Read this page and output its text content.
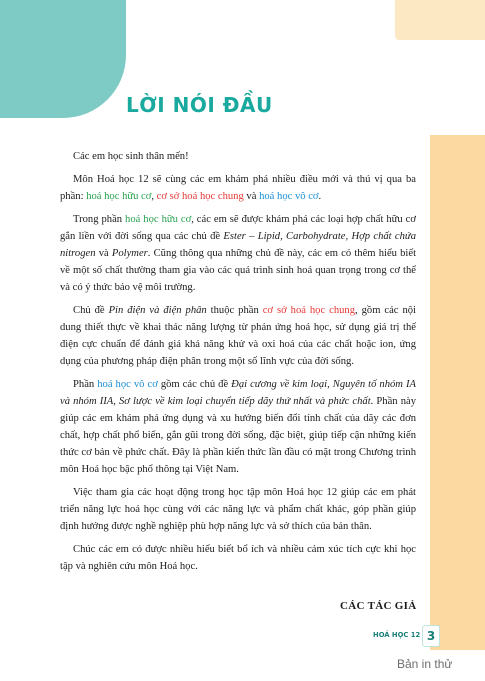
LỜI NÓI ĐẦU

Các em học sinh thân mến!

Môn Hoá học 12 sẽ cùng các em khám phá nhiều điều mới và thú vị qua ba phần: hoá học hữu cơ, cơ sở hoá học chung và hoá học vô cơ.

Trong phần hoá học hữu cơ, các em sẽ được khám phá các loại hợp chất hữu cơ gắn liền với đời sống qua các chủ đề Ester – Lipid, Carbohydrate, Hợp chất chứa nitrogen và Polymer. Cũng thông qua những chủ đề này, các em có thêm hiểu biết về một số chất thường tham gia vào các quá trình sinh hoá quan trọng trong cơ thể và có ý thức bảo vệ môi trường.

Chủ đề Pin điện và điện phân thuộc phần cơ sở hoá học chung, gồm các nội dung thiết thực về khai thác năng lượng từ phản ứng hoá học, sử dụng giá trị thế điện cực chuẩn để đánh giá khả năng khử và oxi hoá của các chất hoặc ion, ứng dụng của phương pháp điện phân trong một số lĩnh vực của đời sống.

Phần hoá học vô cơ gồm các chủ đề Đại cương về kim loại, Nguyên tố nhóm IA và nhóm IIA, Sơ lược về kim loại chuyển tiếp dãy thứ nhất và phức chất. Phần này giúp các em khám phá ứng dụng và xu hướng biến đổi tính chất của dãy các đơn chất, hợp chất phổ biến, gắn gũi trong đời sống, đặc biệt, giúp tiếp cận những kiến thức cơ bản về phức chất. Đây là phần kiến thức lần đầu có mặt trong Chương trình môn Hoá học bậc phổ thông tại Việt Nam.

Việc tham gia các hoạt động trong học tập môn Hoá học 12 giúp các em phát triển năng lực hoá học cùng với các năng lực và phẩm chất khác, góp phần giúp định hướng được nghề nghiệp phù hợp năng lực và sở thích của bản thân.

Chúc các em có được nhiều hiểu biết bổ ích và nhiều cảm xúc tích cực khi học tập và nghiên cứu môn Hoá học.

CÁC TÁC GIẢ
HOÁ HỌC 12 3
Bản in thử
